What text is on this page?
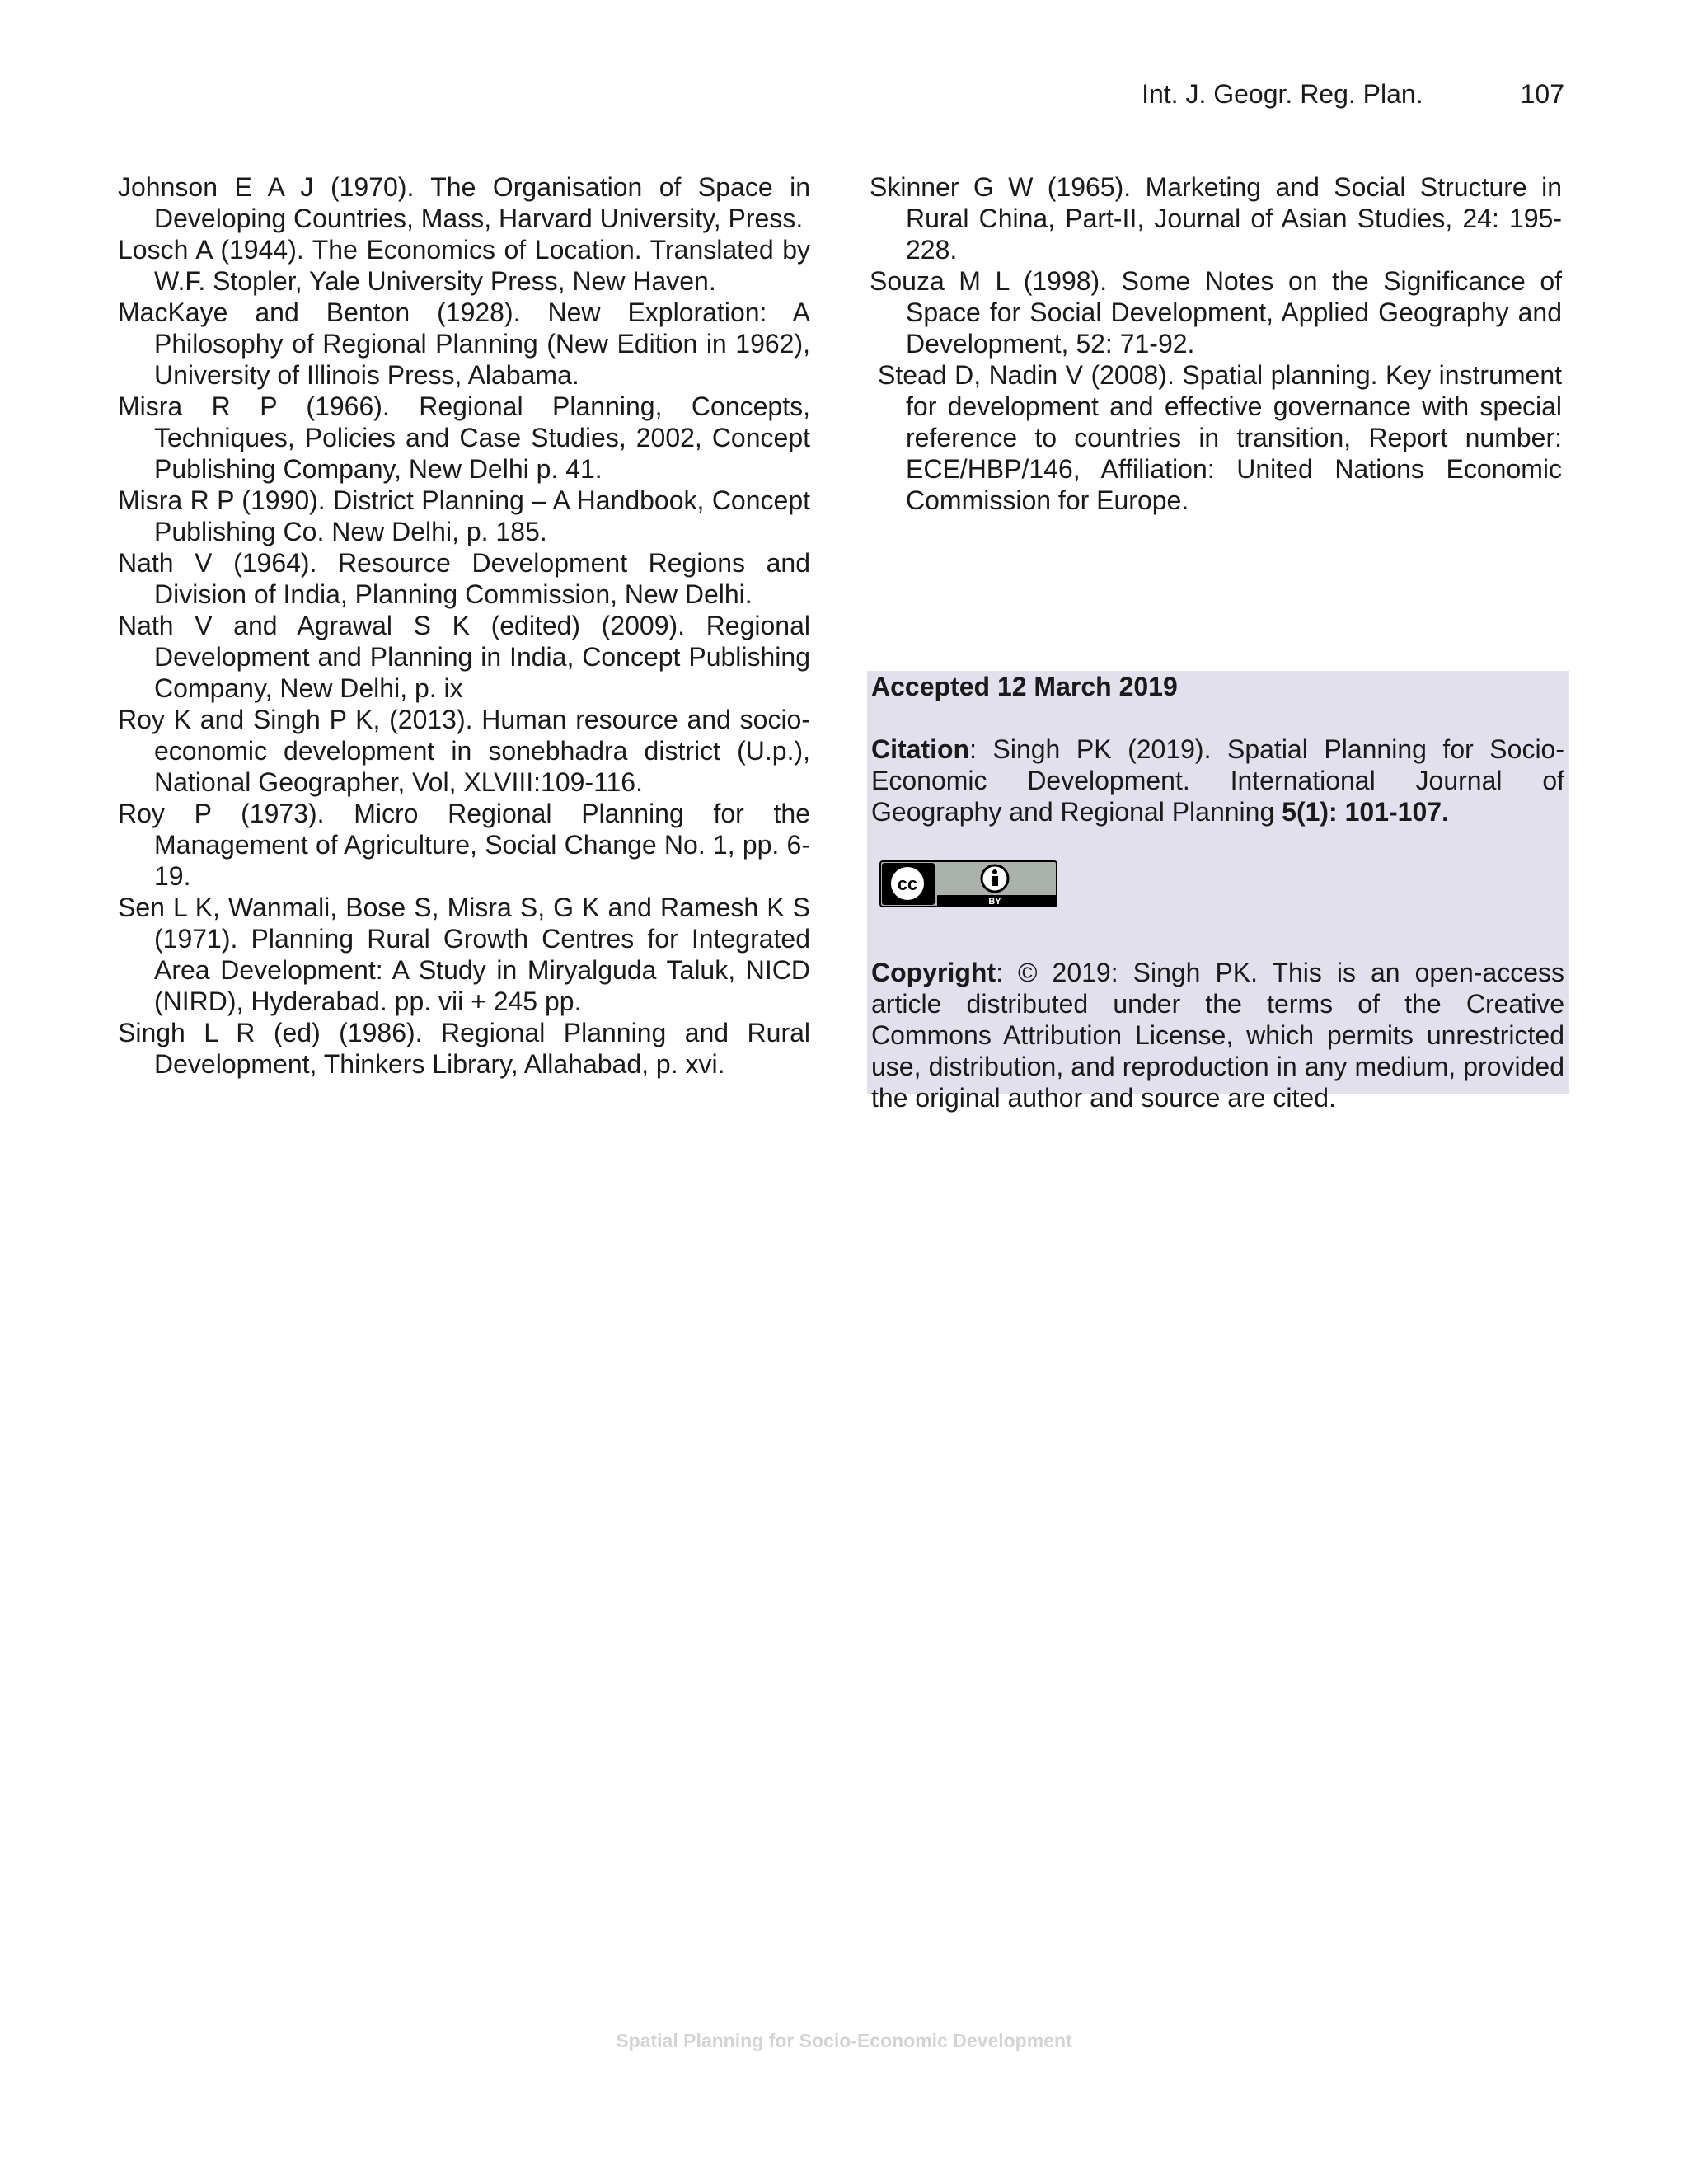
Int. J. Geogr. Reg. Plan.	107

Johnson E A J (1970). The Organisation of Space in Developing Countries, Mass, Harvard University, Press.

Losch A (1944). The Economics of Location. Translated by W.F. Stopler, Yale University Press, New Haven.

MacKaye and Benton (1928). New Exploration: A Philosophy of Regional Planning (New Edition in 1962), University of Illinois Press, Alabama.

Misra R P (1966). Regional Planning, Concepts, Techniques, Policies and Case Studies, 2002, Concept Publishing Company, New Delhi p. 41.

Misra R P (1990). District Planning – A Handbook, Concept Publishing Co. New Delhi, p. 185.

Nath V (1964). Resource Development Regions and Division of India, Planning Commission, New Delhi.

Nath V and Agrawal S K (edited) (2009). Regional Development and Planning in India, Concept Publishing Company, New Delhi, p. ix

Roy K and Singh P K, (2013). Human resource and socio-economic development in sonebhadra district (U.p.), National Geographer, Vol, XLVIII:109-116.

Roy P (1973). Micro Regional Planning for the Management of Agriculture, Social Change No. 1, pp. 6-19.

Sen L K, Wanmali, Bose S, Misra S, G K and Ramesh K S (1971). Planning Rural Growth Centres for Integrated Area Development: A Study in Miryalguda Taluk, NICD (NIRD), Hyderabad. pp. vii + 245 pp.

Singh L R (ed) (1986). Regional Planning and Rural Development, Thinkers Library, Allahabad, p. xvi.

Skinner G W (1965). Marketing and Social Structure in Rural China, Part-II, Journal of Asian Studies, 24: 195-228.

Souza M L (1998). Some Notes on the Significance of Space for Social Development, Applied Geography and Development, 52: 71-92.

Stead D, Nadin V (2008). Spatial planning. Key instrument for development and effective governance with special reference to countries in transition, Report number: ECE/HBP/146, Affiliation: United Nations Economic Commission for Europe.

Accepted 12 March 2019

Citation: Singh PK (2019). Spatial Planning for Socio-Economic Development. International Journal of Geography and Regional Planning 5(1): 101-107.

cc
BY

Copyright: © 2019: Singh PK. This is an open-access article distributed under the terms of the Creative Commons Attribution License, which permits unrestricted use, distribution, and reproduction in any medium, provided the original author and source are cited.

Spatial Planning for Socio-Economic Development
